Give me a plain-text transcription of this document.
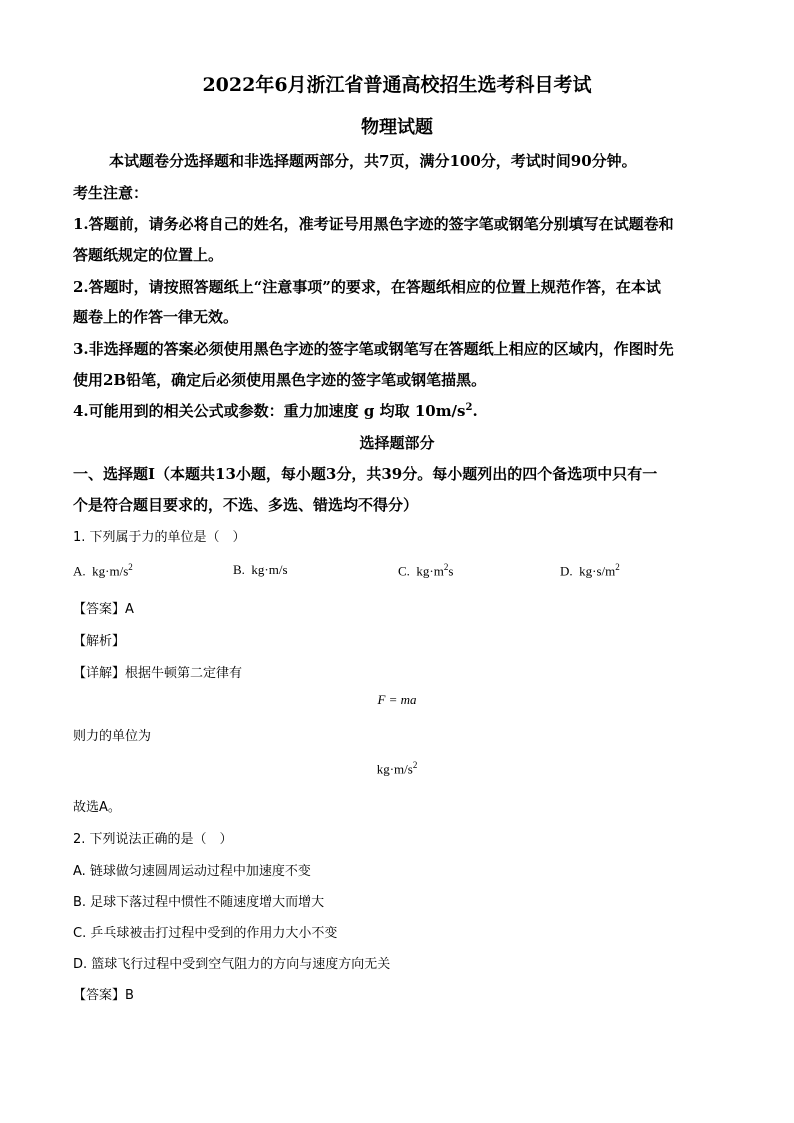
2022年6月浙江省普通高校招生选考科目考试
物理试题
本试题卷分选择题和非选择题两部分，共7页，满分100分，考试时间90分钟。
考生注意：
1.答题前，请务必将自己的姓名，准考证号用黑色字迹的签字笔或钢笔分别填写在试题卷和
答题纸规定的位置上。
2.答题时，请按照答题纸上“注意事项”的要求，在答题纸相应的位置上规范作答，在本试
题卷上的作答一律无效。
3.非选择题的答案必须使用黑色字迹的签字笔或钢笔写在答题纸上相应的区域内，作图时先
使用2B铅笔，确定后必须使用黑色字迹的签字笔或钢笔描黑。
4.可能用到的相关公式或参数：重力加速度 g 均取 $10m/s^2$.
选择题部分
一、选择题Ⅰ（本题共13小题，每小题3分，共39分。每小题列出的四个备选项中只有一
个是符合题目要求的，不选、多选、错选均不得分）
1. 下列属于力的单位是（　）
A. $kg\cdot m/s^2$	B. kg·m/s	C. $kg\cdot m^2s$	D. $kg\cdot s/m^2$
【答案】A
【解析】
【详解】根据牛顿第二定律有
F = ma
则力的单位为
$kg\cdot m/s^2$
故选A。
2. 下列说法正确的是（　）
A. 链球做匀速圆周运动过程中加速度不变
B. 足球下落过程中惯性不随速度增大而增大
C. 乒乓球被击打过程中受到的作用力大小不变
D. 篮球飞行过程中受到空气阻力的方向与速度方向无关
【答案】B
